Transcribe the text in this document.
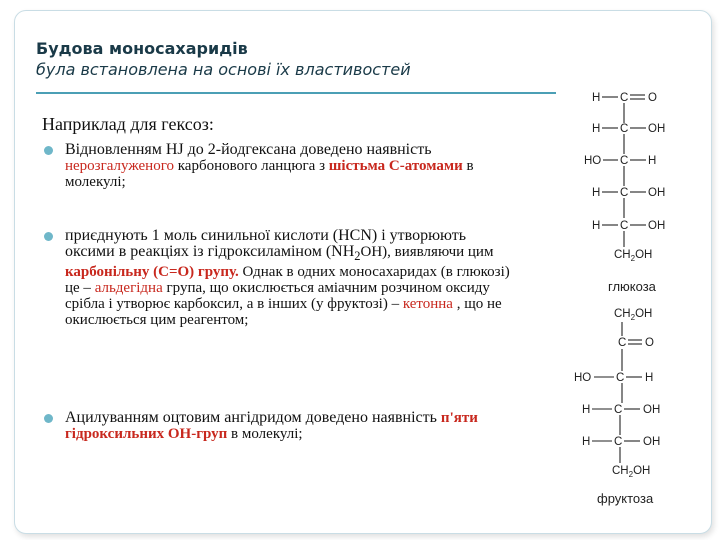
Будова моносахаридів
була встановлена на основі їх властивостей
Наприклад для гексоз:
Відновленням HJ до 2-йодгексана доведено наявність нерозгалуженого карбонового ланцюга з шістьма С-атомами в молекулі;
приєднують 1 моль синильної кислоти (HCN) і утворюють оксими в реакціях із гідроксиламіном $(NH_2OH)$, виявляючи цим карбонільну (С=О) групу. Однак в одних моносахаридах (в глюкозі) це – альдегідна група, що окислюється аміачним розчином оксиду срібла і утворює карбоксил, а в інших (у фруктозі) – кетонна , що не окислюється цим реагентом;
Ацилуванням оцтовим ангідридом доведено наявність п'яти гідроксильних ОН-груп в молекулі;
H C O
H C OH
HO C H
H C OH
H C OH
$CH_2OH$
глюкоза
$CH_2OH$
C O
HO C H
H C OH
H C OH
$CH_2OH$
фруктоза
